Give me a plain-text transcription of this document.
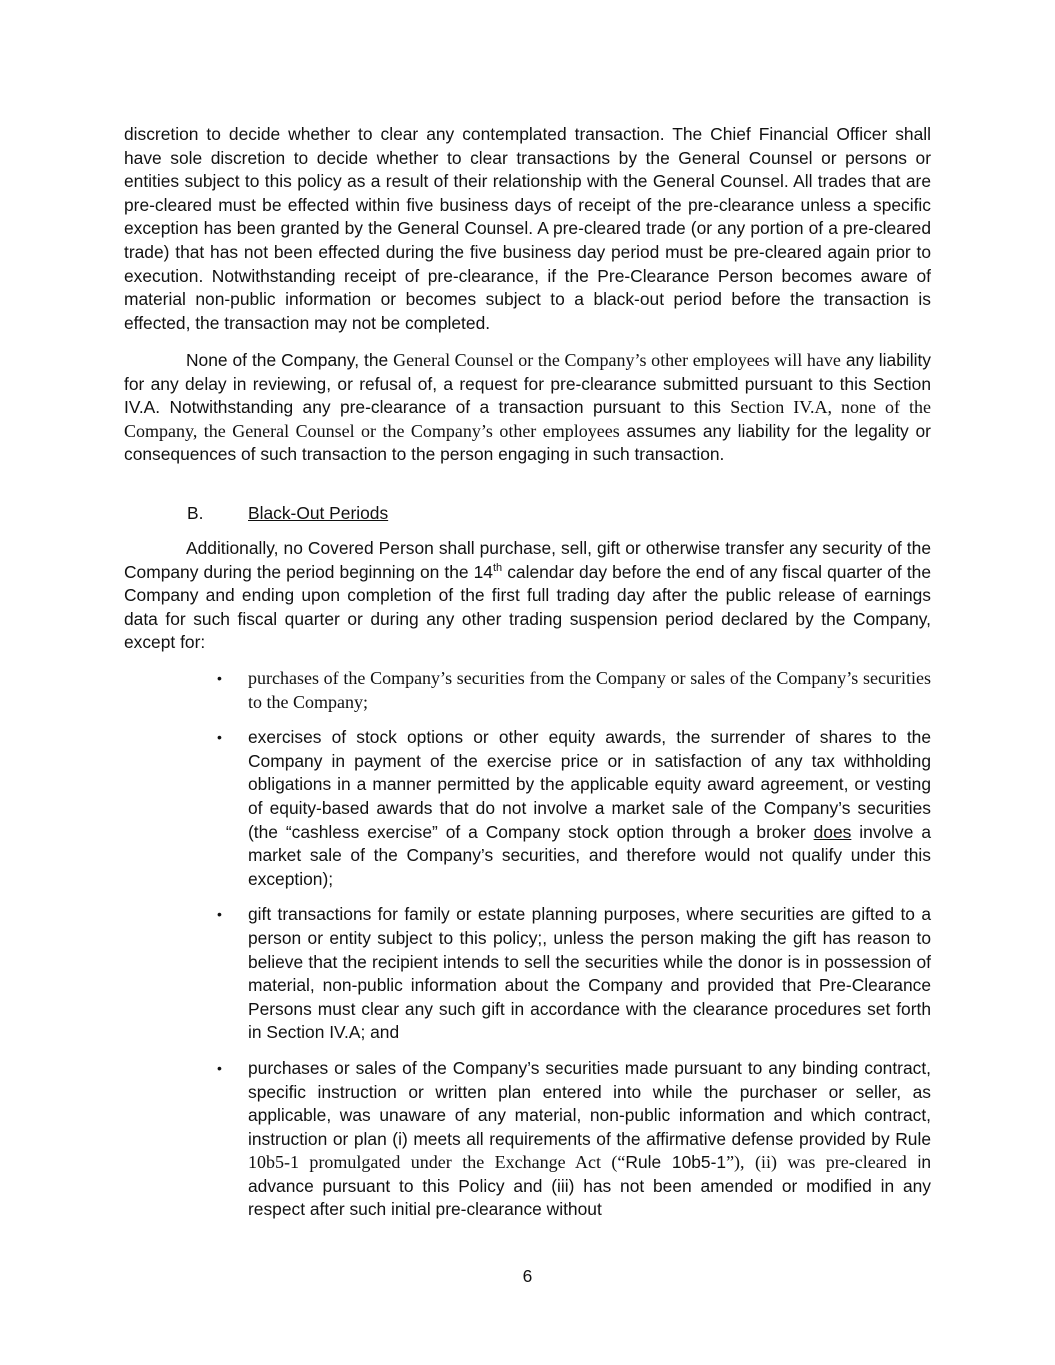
discretion to decide whether to clear any contemplated transaction. The Chief Financial Officer shall have sole discretion to decide whether to clear transactions by the General Counsel or persons or entities subject to this policy as a result of their relationship with the General Counsel. All trades that are pre-cleared must be effected within five business days of receipt of the pre-clearance unless a specific exception has been granted by the General Counsel. A pre-cleared trade (or any portion of a pre-cleared trade) that has not been effected during the five business day period must be pre-cleared again prior to execution. Notwithstanding receipt of pre-clearance, if the Pre-Clearance Person becomes aware of material non-public information or becomes subject to a black-out period before the transaction is effected, the transaction may not be completed.

None of the Company, the General Counsel or the Company’s other employees will have any liability for any delay in reviewing, or refusal of, a request for pre-clearance submitted pursuant to this Section IV.A. Notwithstanding any pre-clearance of a transaction pursuant to this Section IV.A, none of the Company, the General Counsel or the Company’s other employees assumes any liability for the legality or consequences of such transaction to the person engaging in such transaction.

B.	Black-Out Periods

Additionally, no Covered Person shall purchase, sell, gift or otherwise transfer any security of the Company during the period beginning on the 14th calendar day before the end of any fiscal quarter of the Company and ending upon completion of the first full trading day after the public release of earnings data for such fiscal quarter or during any other trading suspension period declared by the Company, except for:

• purchases of the Company’s securities from the Company or sales of the Company’s securities to the Company;
• exercises of stock options or other equity awards, the surrender of shares to the Company in payment of the exercise price or in satisfaction of any tax withholding obligations in a manner permitted by the applicable equity award agreement, or vesting of equity-based awards that do not involve a market sale of the Company’s securities (the “cashless exercise” of a Company stock option through a broker does involve a market sale of the Company’s securities, and therefore would not qualify under this exception);
• gift transactions for family or estate planning purposes, where securities are gifted to a person or entity subject to this policy;, unless the person making the gift has reason to believe that the recipient intends to sell the securities while the donor is in possession of material, non-public information about the Company and provided that Pre-Clearance Persons must clear any such gift in accordance with the clearance procedures set forth in Section IV.A; and
• purchases or sales of the Company’s securities made pursuant to any binding contract, specific instruction or written plan entered into while the purchaser or seller, as applicable, was unaware of any material, non-public information and which contract, instruction or plan (i) meets all requirements of the affirmative defense provided by Rule 10b5-1 promulgated under the Exchange Act (“Rule 10b5-1”), (ii) was pre-cleared in advance pursuant to this Policy and (iii) has not been amended or modified in any respect after such initial pre-clearance without
6
